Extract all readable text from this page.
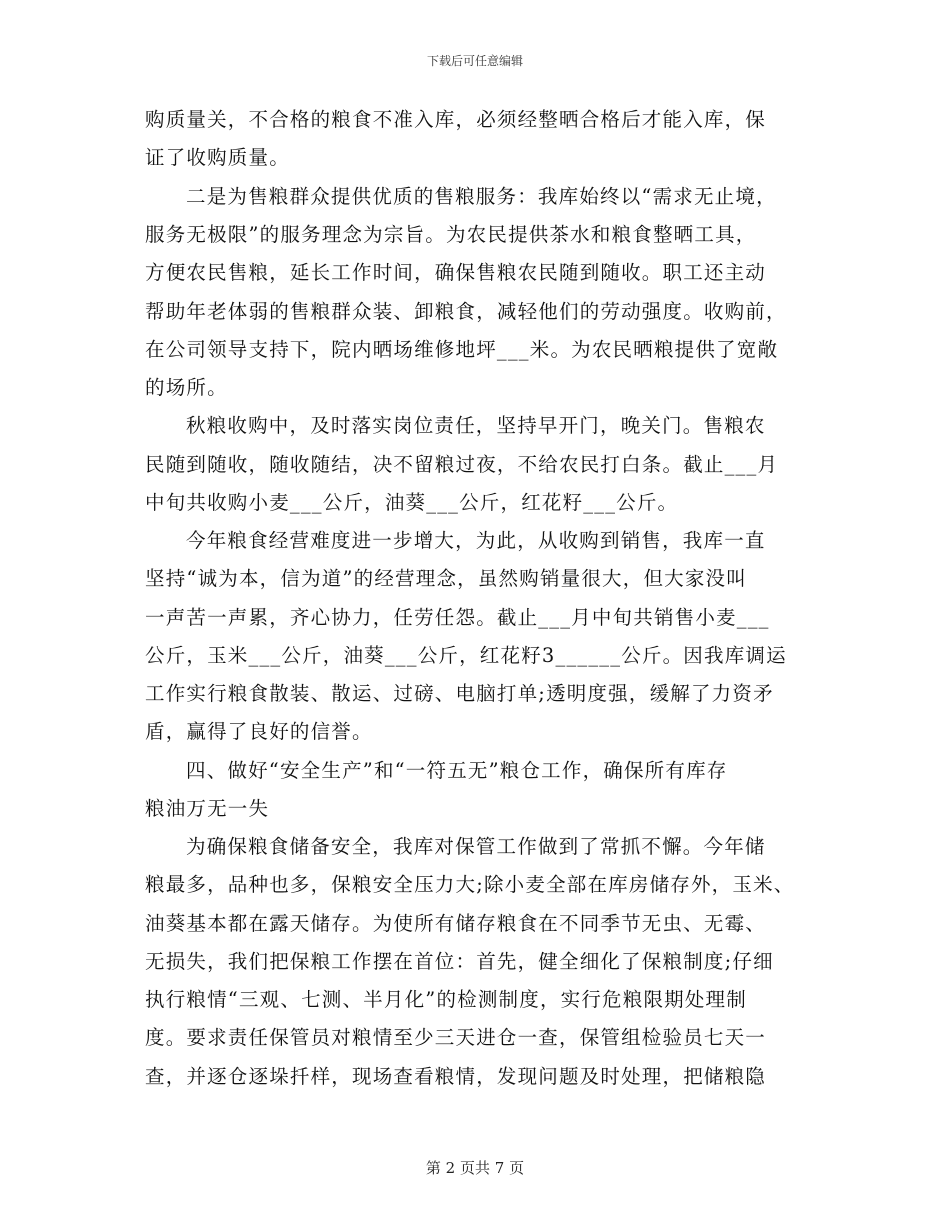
下载后可任意编辑
购质量关，不合格的粮食不准入库，必须经整晒合格后才能入库，保
证了收购质量。
二是为售粮群众提供优质的售粮服务：我库始终以“需求无止境，
服务无极限”的服务理念为宗旨。为农民提供茶水和粮食整晒工具，
方便农民售粮，延长工作时间，确保售粮农民随到随收。职工还主动
帮助年老体弱的售粮群众装、卸粮食，减轻他们的劳动强度。收购前，
在公司领导支持下，院内晒场维修地坪___米。为农民晒粮提供了宽敞
的场所。
秋粮收购中，及时落实岗位责任，坚持早开门，晚关门。售粮农
民随到随收，随收随结，决不留粮过夜，不给农民打白条。截止___月
中旬共收购小麦___公斤，油葵___公斤，红花籽___公斤。
今年粮食经营难度进一步增大，为此，从收购到销售，我库一直
坚持“诚为本，信为道”的经营理念，虽然购销量很大，但大家没叫
一声苦一声累，齐心协力，任劳任怨。截止___月中旬共销售小麦___
公斤，玉米___公斤，油葵___公斤，红花籽3______公斤。因我库调运
工作实行粮食散装、散运、过磅、电脑打单;透明度强，缓解了力资矛
盾，赢得了良好的信誉。
四、做好“安全生产”和“一符五无”粮仓工作，确保所有库存
粮油万无一失
为确保粮食储备安全，我库对保管工作做到了常抓不懈。今年储
粮最多，品种也多，保粮安全压力大;除小麦全部在库房储存外，玉米、
油葵基本都在露天储存。为使所有储存粮食在不同季节无虫、无霉、
无损失，我们把保粮工作摆在首位：首先，健全细化了保粮制度;仔细
执行粮情“三观、七测、半月化”的检测制度，实行危粮限期处理制
度。要求责任保管员对粮情至少三天进仓一查，保管组检验员七天一
查，并逐仓逐垛扦样，现场查看粮情，发现问题及时处理，把储粮隐
第 2 页共 7 页
